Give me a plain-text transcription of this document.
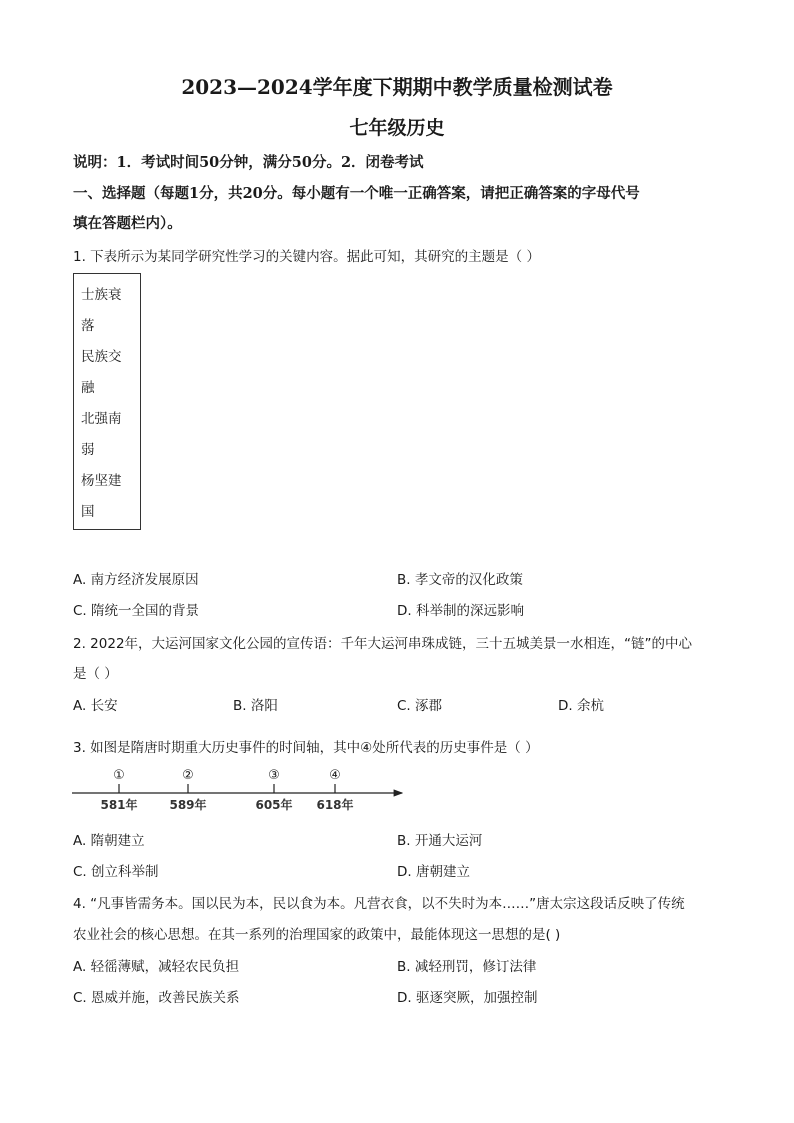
2023—2024学年度下期期中教学质量检测试卷
七年级历史
说明：1．考试时间50分钟，满分50分。2．闭卷考试
一、选择题（每题1分，共20分。每小题有一个唯一正确答案，请把正确答案的字母代号
填在答题栏内）。
1. 下表所示为某同学研究性学习的关键内容。据此可知，其研究的主题是（ ）
士族衰
落
民族交
融
北强南
弱
杨坚建
国
A. 南方经济发展原因	B. 孝文帝的汉化政策
C. 隋统一全国的背景	D. 科举制的深远影响
2. 2022年，大运河国家文化公园的宣传语：千年大运河串珠成链，三十五城美景一水相连，“链”的中心
是（ ）
A. 长安	B. 洛阳	C. 涿郡	D. 余杭
3. 如图是隋唐时期重大历史事件的时间轴，其中④处所代表的历史事件是（ ）
①
581年
②
589年
③
605年
④
618年
A. 隋朝建立	B. 开通大运河
C. 创立科举制	D. 唐朝建立
4. “凡事皆需务本。国以民为本，民以食为本。凡营衣食，以不失时为本……”唐太宗这段话反映了传统
农业社会的核心思想。在其一系列的治理国家的政策中，最能体现这一思想的是( )
A. 轻徭薄赋，减轻农民负担	B. 减轻刑罚，修订法律
C. 恩威并施，改善民族关系	D. 驱逐突厥，加强控制
